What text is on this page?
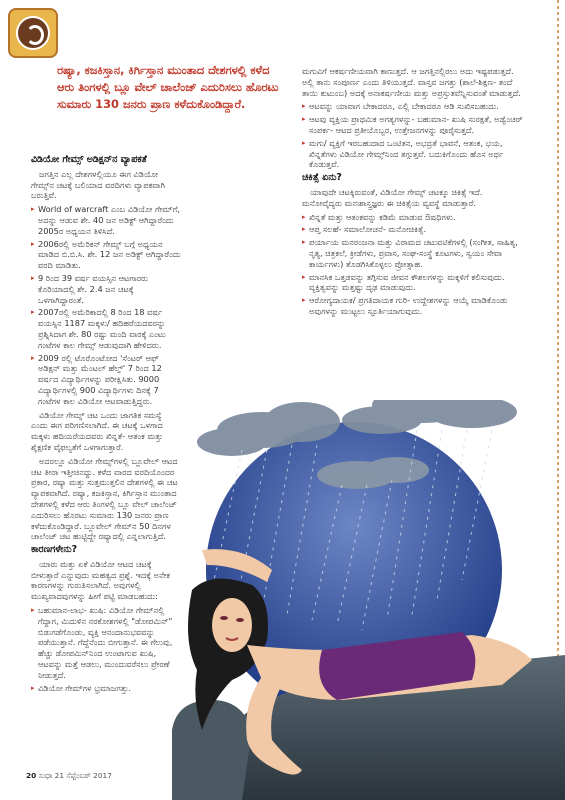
ರಷ್ಯಾ, ಕಜಕಿಸ್ತಾನ, ಕಿರ್ಗಿಸ್ತಾನ ಮುಂತಾದ ದೇಶಗಳಲ್ಲಿ ಕಳೆದ ಆರು ತಿಂಗಳಲ್ಲಿ ಬ್ಲೂ ವೇಲ್ ಚಾಲೆಂಜ್ ಎದುರಿಸಲು ಹೊರಟು ಸುಮಾರು 130 ಜನರು ಪ್ರಾಣ ಕಳೆದುಕೊಂಡಿದ್ದಾರೆ.
ವಿಡಿಯೋ ಗೇಮ್ಸ್ ಅಡಿಕ್ಷನ್‌ನ ವ್ಯಾಪಕತೆ

ಜಗತ್ತಿನ ಎಲ್ಲ ದೇಶಗಳಲ್ಲಿಯೂ ಈಗ ವಿಡಿಯೋ ಗೇಮ್ಸ್‌ನ ಚಟಕ್ಕೆ ಬಲಿಯಾದ ವರದಿಗಳು ವ್ಯಾಪಕವಾಗಿ ಬರುತ್ತಿವೆ.

▸ World of warcraft ಎಂಬ ವಿಡಿಯೋ ಗೇಮ್‌ಗೆ, ಅದನ್ನು ಆಡುವ ಶೇ. 40 ಜನ ಅಡಿಕ್ಟ್ ಆಗಿದ್ದಾರೆಂದು 2005ರ ಅಧ್ಯಯನ ತಿಳಿಸಿದೆ.
▸ 2006ರಲ್ಲಿ ಅಮೆರಿಕನ್ ಗೇಮ್ಸ್ ಬಗ್ಗೆ ಅಧ್ಯಯನ ಮಾಡಿದ ಬಿ.ಬಿ.ಸಿ. ಶೇ. 12 ಜನ ಅಡಿಕ್ಟ್ ಆಗಿದ್ದಾರೆಂದು ವರದಿ ಮಾಡಿತು.
▸ 9 ರಿಂದ 39 ವರ್ಷ ವಯಸ್ಸಿನ ಆಟಗಾರರು ಕೊರಿಯಾದಲ್ಲಿ ಶೇ. 2.4 ಜನ ಚಟಕ್ಕೆ ಒಳಗಾಗಿದ್ದಾರಂತೆ.
▸ 2007ರಲ್ಲಿ ಅಮೆರಿಕಾದಲ್ಲಿ 8 ರಿಂದ 18 ವರ್ಷ ವಯಸ್ಸಿನ 1187 ಮಕ್ಕಳು/ ಹದಿಹರೆಯದವರನ್ನು ಪ್ರಶ್ನಿಸಿದಾಗ ಶೇ. 80 ರಷ್ಟು ಮಂದಿ ವಾರಕ್ಕೆ ಎಂಟು ಗಂಟೆಗಳ ಕಾಲ ಗೇಮ್ಸ್ ಆಡುವುದಾಗಿ ಹೇಳಿದರು.
▸ 2009 ರಲ್ಲಿ ಟೊರೊಂಟೋದ 'ಸೆಂಟರ್ ಆಫ್ ಅಡಿಕ್ಷನ್ ಮತ್ತು ಮೆಂಟಲ್ ಹೆಲ್ತ್' 7 ರಿಂದ 12 ವರ್ಷದ ವಿದ್ಯಾರ್ಥಿಗಳನ್ನು ಪರೀಕ್ಷಿಸಿತು. 9000 ವಿದ್ಯಾರ್ಥಿಗಳಲ್ಲಿ 900 ವಿದ್ಯಾರ್ಥಿಗಳು ದಿನಕ್ಕೆ 7 ಗಂಟೆಗಳ ಕಾಲ ವಿಡಿಯೋ ಆಟವಾಡುತ್ತಿದ್ದರು.

ವಿಡಿಯೋ ಗೇಮ್ಸ್ ಚಟ ಒಂದು ಜಾಗತಿಕ ಸಮಸ್ಯೆ ಎಂದು ಈಗ ಪರಿಗಣಿಸಲಾಗಿದೆ. ಈ ಚಟಕ್ಕೆ ಒಳಗಾದ ಮಕ್ಕಳು ಹದಿಯರೆಯದವರು ಖಿನ್ನತೆ- ಆತಂಕ ಮತ್ತು ಶೈಕ್ಷಣಿಕ ವೈಫಲ್ಯತೆಗೆ ಒಳಗಾಗುತ್ತಾರೆ.

ಅದರಲ್ಲೂ ವಿಡಿಯೋ ಗೇಮ್ಸ್‌ಗಳಲ್ಲಿ ಬ್ಲೂವೇಲ್ ಆಟದ ಚಟ ತೀರಾ ಇತ್ತೀಚಿನದ್ದು. ಕಳೆದ ವಾರದ ವರದಿಯೊಂದರ ಪ್ರಕಾರ, ರಷ್ಯಾ ಮತ್ತು ಸುತ್ತಮುತ್ತಲಿನ ದೇಶಗಳಲ್ಲಿ ಈ ಚಟ ವ್ಯಾಪಕವಾಗಿದೆ. ರಷ್ಯಾ, ಕಜಕಿಸ್ತಾನ, ಕಿರ್ಗಿಸ್ತಾನ ಮುಂತಾದ ದೇಶಗಳಲ್ಲಿ ಕಳೆದ ಆರು ತಿಂಗಳಲ್ಲಿ ಬ್ಲೂ ವೇಲ್ ಚಾಲೆಂಜ್ ಎದುರಿಸಲು ಹೊರಟು ಸುಮಾರು 130 ಜನರು ಪ್ರಾಣ ಕಳೆದುಕೊಂಡಿದ್ದಾರೆ. ಬ್ಲೂವೇಲ್ ಗೇಮ್‌ನ 50 ದಿನಗಳ ಚಾಲೆಂಜ್ ಚಟ ಹುಟ್ಟಿದ್ದೇ ರಷ್ಯಾದಲ್ಲಿ ಎನ್ನಲಾಗುತ್ತಿದೆ.

ಕಾರಣಗಳೇನು?

ಯಾರು ಮತ್ತು ಏಕೆ ವಿಡಿಯೋ ಆಟದ ಚಟಕ್ಕೆ ಬೀಳುತ್ತಾರೆ ಎನ್ನುವುದು ಮಹತ್ವದ ಪ್ರಶ್ನೆ. ಇದಕ್ಕೆ ಅನೇಕ ಕಾರಣಗಳನ್ನು ಗುರುತಿಸಲಾಗಿದೆ. ಅವುಗಳಲ್ಲಿ ಮುಖ್ಯವಾದವುಗಳನ್ನು ಹೀಗೆ ಪಟ್ಟಿ ಮಾಡಬಹುದು:

▸ ಬಹುಮಾನ-ಲಾಭ- ಖುಷಿ: ವಿಡಿಯೋ ಗೇಮ್‌ನಲ್ಲಿ ಗೆದ್ದಾಗ, ಮಿದುಳಿನ ನರಕೋಶಗಳಲ್ಲಿ "ಡೋಪಮಿನ್" ಬಿಡುಗಡೆಗೊಂಡು, ವ್ಯಕ್ತಿ ಆನಂದಾನುಭವವನ್ನು ಪಡೆಯುತ್ತಾನೆ. ಗೆದ್ದೆನೆಂದು ಬೀಗುತ್ತಾನೆ. ಈ ಗೆಲುವು, ಹೆಚ್ಚು ಡೋಪಮಿನ್‌ನಿಂದ ಉಂಟಾಗುವ ಖುಷಿ, ಆಟವನ್ನು ಮತ್ತೆ ಆಡಲು, ಮುಂದುವರೆಸಲು ಪ್ರೇರಣೆ ನೀಡುತ್ತದೆ.
▸ ವಿಡಿಯೋ ಗೇಮ್‌ಗಳ ಭ್ರಮಾಜಗತ್ತು.

ಮಗುವಿಗೆ ಆಕರ್ಷಣೀಯವಾಗಿ ಕಾಣುತ್ತದೆ. ಆ ಜಗತ್ತಿನಲ್ಲಿರಲು ಅದು ಇಷ್ಟಪಡುತ್ತದೆ. ಅಲ್ಲಿ ತಾನು ಸಂಪೂರ್ಣ ಎಂದು ತಿಳಿಯುತ್ತದೆ. ವಾಸ್ತವ ಜಗತ್ತು (ಶಾಲೆ-ಶಿಕ್ಷಣ- ತಂದೆ ತಾಯಿ ಕುಟುಂಬ) ಅದಕ್ಕೆ ಅನಾಕರ್ಷಣೀಯ ಮತ್ತು ಅಪ್ರಸ್ತುತವೆನ್ನಿಸುವಂತೆ ಮಾಡುತ್ತದೆ.

▸ ಆಟವನ್ನು ಯಾವಾಗ ಬೇಕಾದರೂ, ಎಲ್ಲಿ ಬೇಕಾದರೂ ಆಡಿ ಸುಖಿಸಬಹುದು.
▸ ಆಟವು ವ್ಯಕ್ತಿಯ ಪ್ರಾಥಮಿಕ ಅಗತ್ಯಗಳನ್ನು- ಬಹುಮಾನ- ಖುಷಿ ಸುರಕ್ಷತೆ, ಅಡ್ವೆಂಚರ್ ಸಂಪರ್ಕ- ಆಟದ ಪ್ರತೀಯೊಬ್ಬರ, ಉತ್ತೇಜನಗಳನ್ನು ಪೂರೈಸುತ್ತದೆ.
▸ ಮಗು/ ವ್ಯಕ್ತಿಗೆ ಇರಬಹುದಾದ ಒಂಟಿತನ, ಅಭದ್ರತೆ ಭಾವನೆ, ಆತಂಕ, ಭಯ, ಖಿನ್ನತೆಗಳು ವಿಡಿಯೋ ಗೇಮ್ಸ್‌ನಿಂದ ತಗ್ಗುತ್ತವೆ. ಬದುಕಿಗೊಂದು ಹೊಸ ಅರ್ಥ ಕೊಡುತ್ತವೆ.
ಚಿಕಿತ್ಸೆ ಏನು?

ಯಾವುದೇ ಚಟಕ್ಕಿರುವಂತೆ, ವಿಡಿಯೋ ಗೇಮ್ಸ್ ಚಟಕ್ಕೂ ಚಿಕಿತ್ಸೆ ಇದೆ. ಮನೋವೈದ್ಯರು ಮನಃಶಾಸ್ತ್ರಜ್ಞರು ಈ ಚಿಕಿತ್ಸೆಯ ವ್ಯವಸ್ಥೆ ಮಾಡುತ್ತಾರೆ.

▸ ಖಿನ್ನತೆ ಮತ್ತು ಆತಂಕವನ್ನು ಕಡಿಮೆ ಮಾಡುವ ಔಷಧಿಗಳು.
▸ ಆಪ್ತ ಸಲಹೆ- ಸಮಾಲೋಚನೆ- ಮನೋಚಿಕಿತ್ಸೆ.
▸ ಪರ್ಯಾಯ ಮನರಂಜನಾ ಮತ್ತು ವಿರಾಮದ ಚಟುವಟಿಕೆಗಳಲ್ಲಿ (ಸಂಗೀತ, ಸಾಹಿತ್ಯ, ನೃತ್ಯ, ಚಿತ್ರಕಲೆ, ಕ್ರೀಡೆಗಳು, ಪ್ರವಾಸ, ಸಂಘ-ಸಂಸ್ಥೆ ಕೂಟಗಳು, ಸ್ವಯಂ ಸೇವಾ ಕಾರ್ಯಗಳು) ತೊಡಗಿಸಿಕೊಳ್ಳಲು ಪ್ರೋತ್ಸಾಹ.
▸ ಮಾನಸಿಕ ಒತ್ತಡವನ್ನು ತಗ್ಗಿಸುವ ಜೀವನ ಕೌಶಲಗಳನ್ನು ಮಕ್ಕಳಿಗೆ ಕಲಿಸುವುದು. ವ್ಯಕ್ತಿತ್ವವನ್ನು ಮತ್ತಷ್ಟು ದೃಢ ಮಾಡುವುದು.
▸ ಆರೋಗ್ಯದಾಯಕ/ ಪ್ರಗತಿದಾಯಕ ಗುರಿ- ಉದ್ದೇಶಗಳನ್ನು ಆಯ್ಕೆ ಮಾಡಿಕೊಂಡು ಅವುಗಳನ್ನು ಮುಟ್ಟಲು ಸ್ಫೂರ್ತಿಯಾಗುವುದು.
20 ಸುಧಾ 21 ಸೆಪ್ಟೆಂಬರ್ 2017
